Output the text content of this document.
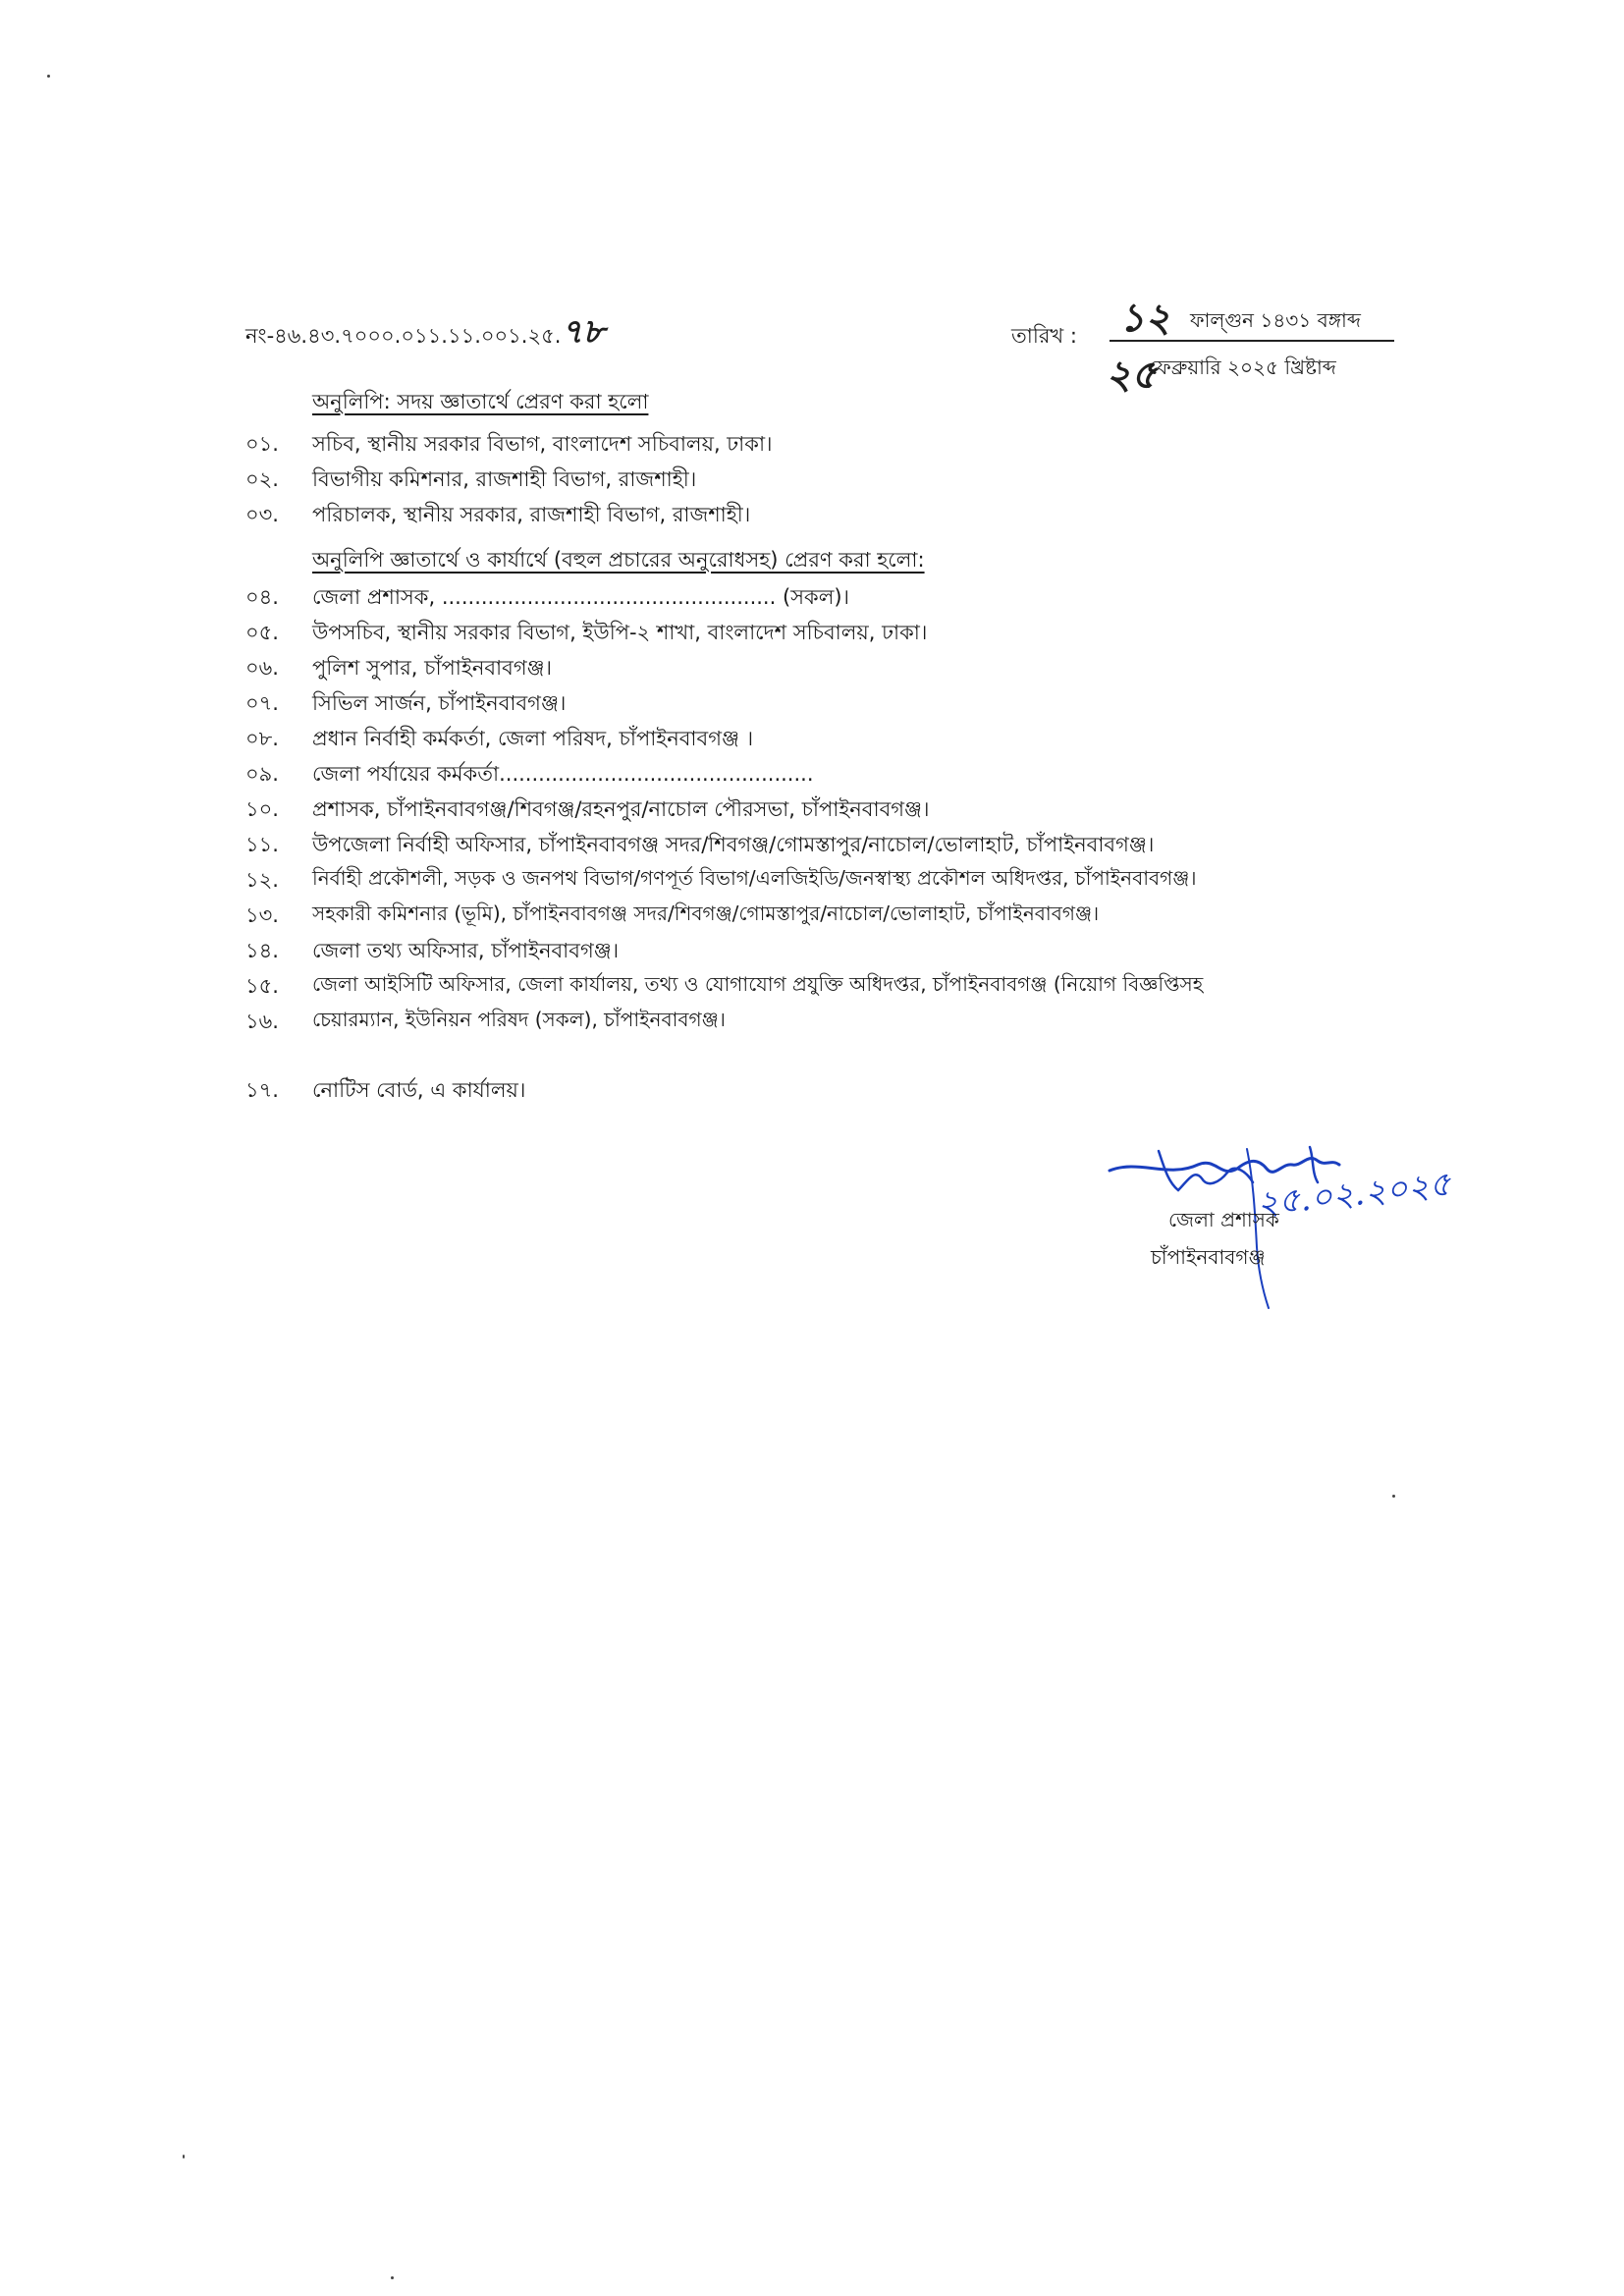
নং-৪৬.৪৩.৭০০০.০১১.১১.০০১.২৫.৭৮	তারিখ : ১২ ফাল্গুন ১৪৩১ বঙ্গাব্দ
২৫
ফেব্রুয়ারি ২০২৫ খ্রিষ্টাব্দ
অনুলিপি: সদয় জ্ঞাতার্থে প্রেরণ করা হলো
০১. সচিব, স্থানীয় সরকার বিভাগ, বাংলাদেশ সচিবালয়, ঢাকা।
০২. বিভাগীয় কমিশনার, রাজশাহী বিভাগ, রাজশাহী।
০৩. পরিচালক, স্থানীয় সরকার, রাজশাহী বিভাগ, রাজশাহী।
অনুলিপি জ্ঞাতার্থে ও কার্যার্থে (বহুল প্রচারের অনুরোধসহ) প্রেরণ করা হলো:
০৪. জেলা প্রশাসক, ................................................... (সকল)।
০৫. উপসচিব, স্থানীয় সরকার বিভাগ, ইউপি-২ শাখা, বাংলাদেশ সচিবালয়, ঢাকা।
০৬. পুলিশ সুপার, চাঁপাইনবাবগঞ্জ।
০৭. সিভিল সার্জন, চাঁপাইনবাবগঞ্জ।
০৮. প্রধান নির্বাহী কর্মকর্তা, জেলা পরিষদ, চাঁপাইনবাবগঞ্জ ।
০৯. জেলা পর্যায়ের কর্মকর্তা................................................
১০. প্রশাসক, চাঁপাইনবাবগঞ্জ/শিবগঞ্জ/রহনপুর/নাচোল পৌরসভা, চাঁপাইনবাবগঞ্জ।
১১. উপজেলা নির্বাহী অফিসার, চাঁপাইনবাবগঞ্জ সদর/শিবগঞ্জ/গোমস্তাপুর/নাচোল/ভোলাহাট, চাঁপাইনবাবগঞ্জ।
১২. নির্বাহী প্রকৌশলী, সড়ক ও জনপথ বিভাগ/গণপূর্ত বিভাগ/এলজিইডি/জনস্বাস্থ্য প্রকৌশল অধিদপ্তর, চাঁপাইনবাবগঞ্জ।
১৩. সহকারী কমিশনার (ভূমি), চাঁপাইনবাবগঞ্জ সদর/শিবগঞ্জ/গোমস্তাপুর/নাচোল/ভোলাহাট, চাঁপাইনবাবগঞ্জ।
১৪. জেলা তথ্য অফিসার, চাঁপাইনবাবগঞ্জ।
১৫. জেলা আইসিটি অফিসার, জেলা কার্যালয়, তথ্য ও যোগাযোগ প্রযুক্তি অধিদপ্তর, চাঁপাইনবাবগঞ্জ (নিয়োগ বিজ্ঞপ্তিসহ
১৬. চেয়ারম্যান, ইউনিয়ন পরিষদ (সকল), চাঁপাইনবাবগঞ্জ।
১৭. নোটিস বোর্ড, এ কার্যালয়।
২৫.০২.২০২৫
জেলা প্রশাসক
চাঁপাইনবাবগঞ্জ
